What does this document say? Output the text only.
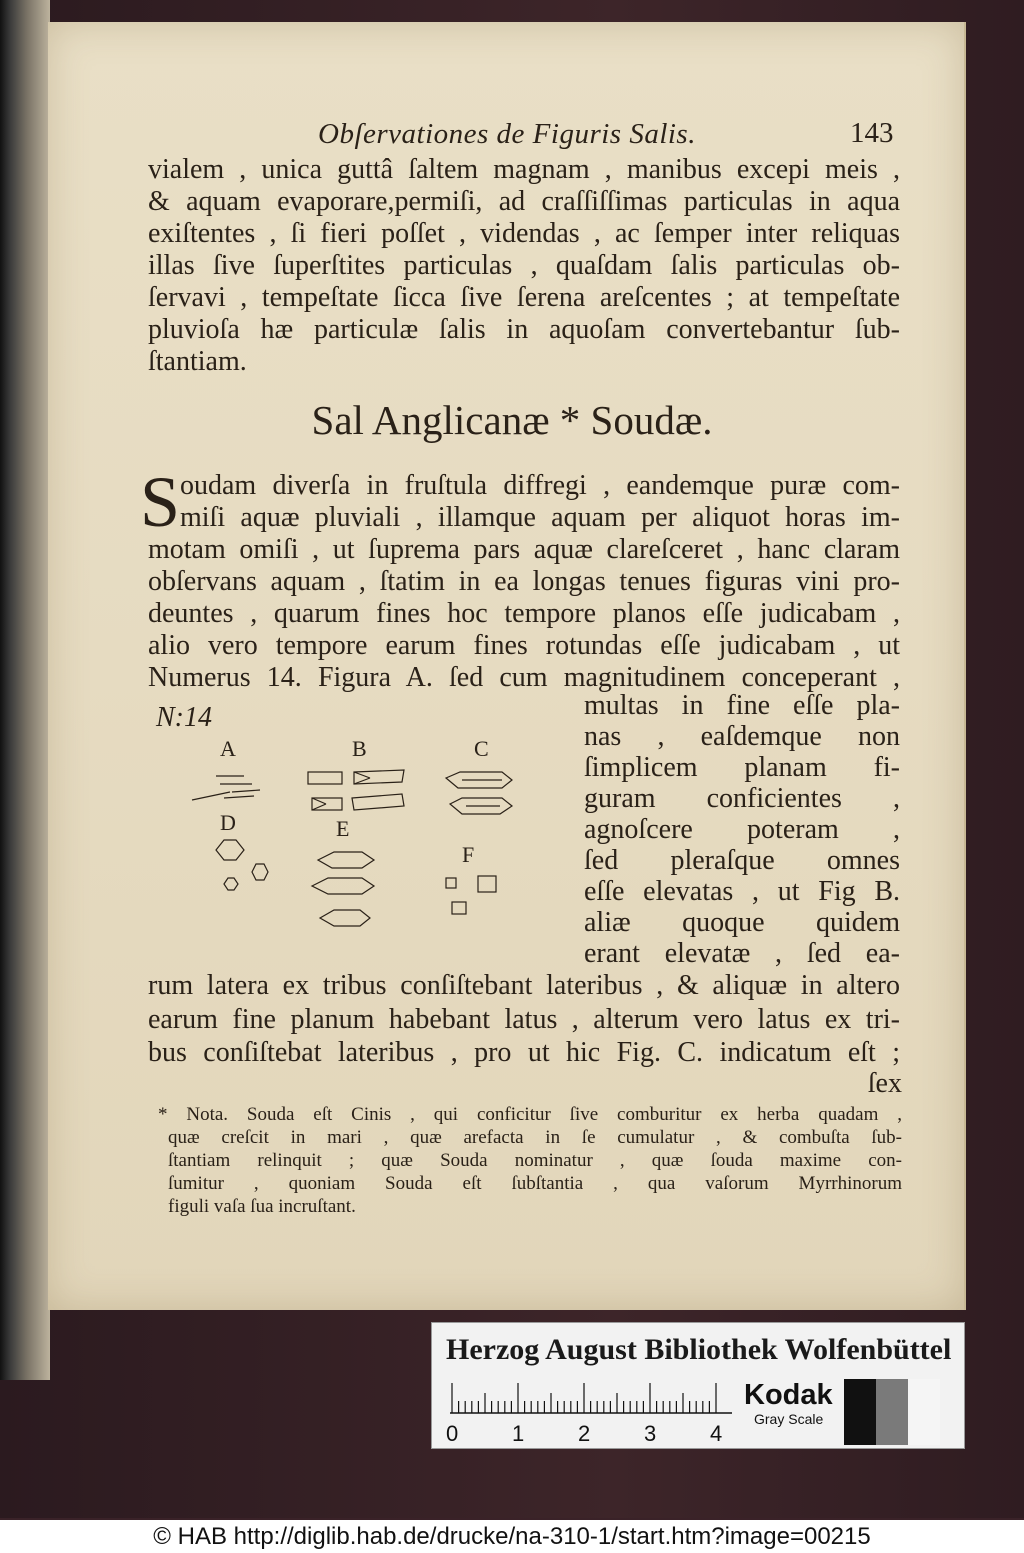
Obſervationes de Figuris Salis.	143
vialem , unica guttâ ſaltem magnam , manibus excepi meis ,
& aquam evaporare,permiſi, ad craſſiſſimas particulas in aqua
exiſtentes , ſi fieri poſſet , videndas , ac ſemper inter reliquas
illas ſive ſuperſtites particulas , quaſdam ſalis particulas ob-
ſervavi , tempeſtate ſicca ſive ſerena areſcentes ; at tempeſtate
pluvioſa hæ particulæ ſalis in aquoſam convertebantur ſub-
ſtantiam.
Sal Anglicanæ * Soudæ.
S oudam diverſa in fruſtula diffregi , eandemque puræ com-
miſi aquæ pluviali , illamque aquam per aliquot horas im-
motam omiſi , ut ſuprema pars aquæ clareſceret , hanc claram
obſervans aquam , ſtatim in ea longas tenues figuras vini pro-
deuntes , quarum fines hoc tempore planos eſſe judicabam ,
alio vero tempore earum fines rotundas eſſe judicabam , ut
Numerus 14. Figura A. ſed cum magnitudinem conceperant ,
N:14
A	B	C
D	E
F
multas in fine eſſe pla-
nas , eaſdemque non
ſimplicem planam fi-
guram conficientes ,
agnoſcere poteram ,
ſed pleraſque omnes
eſſe elevatas , ut Fig B.
aliæ quoque quidem
erant elevatæ , ſed ea-
rum latera ex tribus conſiſtebant lateribus , & aliquæ in altero
earum fine planum habebant latus , alterum vero latus ex tri-
bus conſiſtebat lateribus , pro ut hic Fig. C. indicatum eſt ;
ſex
* Nota. Souda eſt Cinis , qui conficitur ſive comburitur ex herba quadam ,
quæ creſcit in mari , quæ arefacta in ſe cumulatur , & combuſta ſub-
ſtantiam relinquit ; quæ Souda nominatur , quæ ſouda maxime con-
ſumitur , quoniam Souda eſt ſubſtantia , qua vaſorum Myrrhinorum
figuli vaſa ſua incruſtant.
Herzog August Bibliothek Wolfenbüttel
0 1 2 3 4
Kodak
Gray Scale
© HAB http://diglib.hab.de/drucke/na-310-1/start.htm?image=00215
